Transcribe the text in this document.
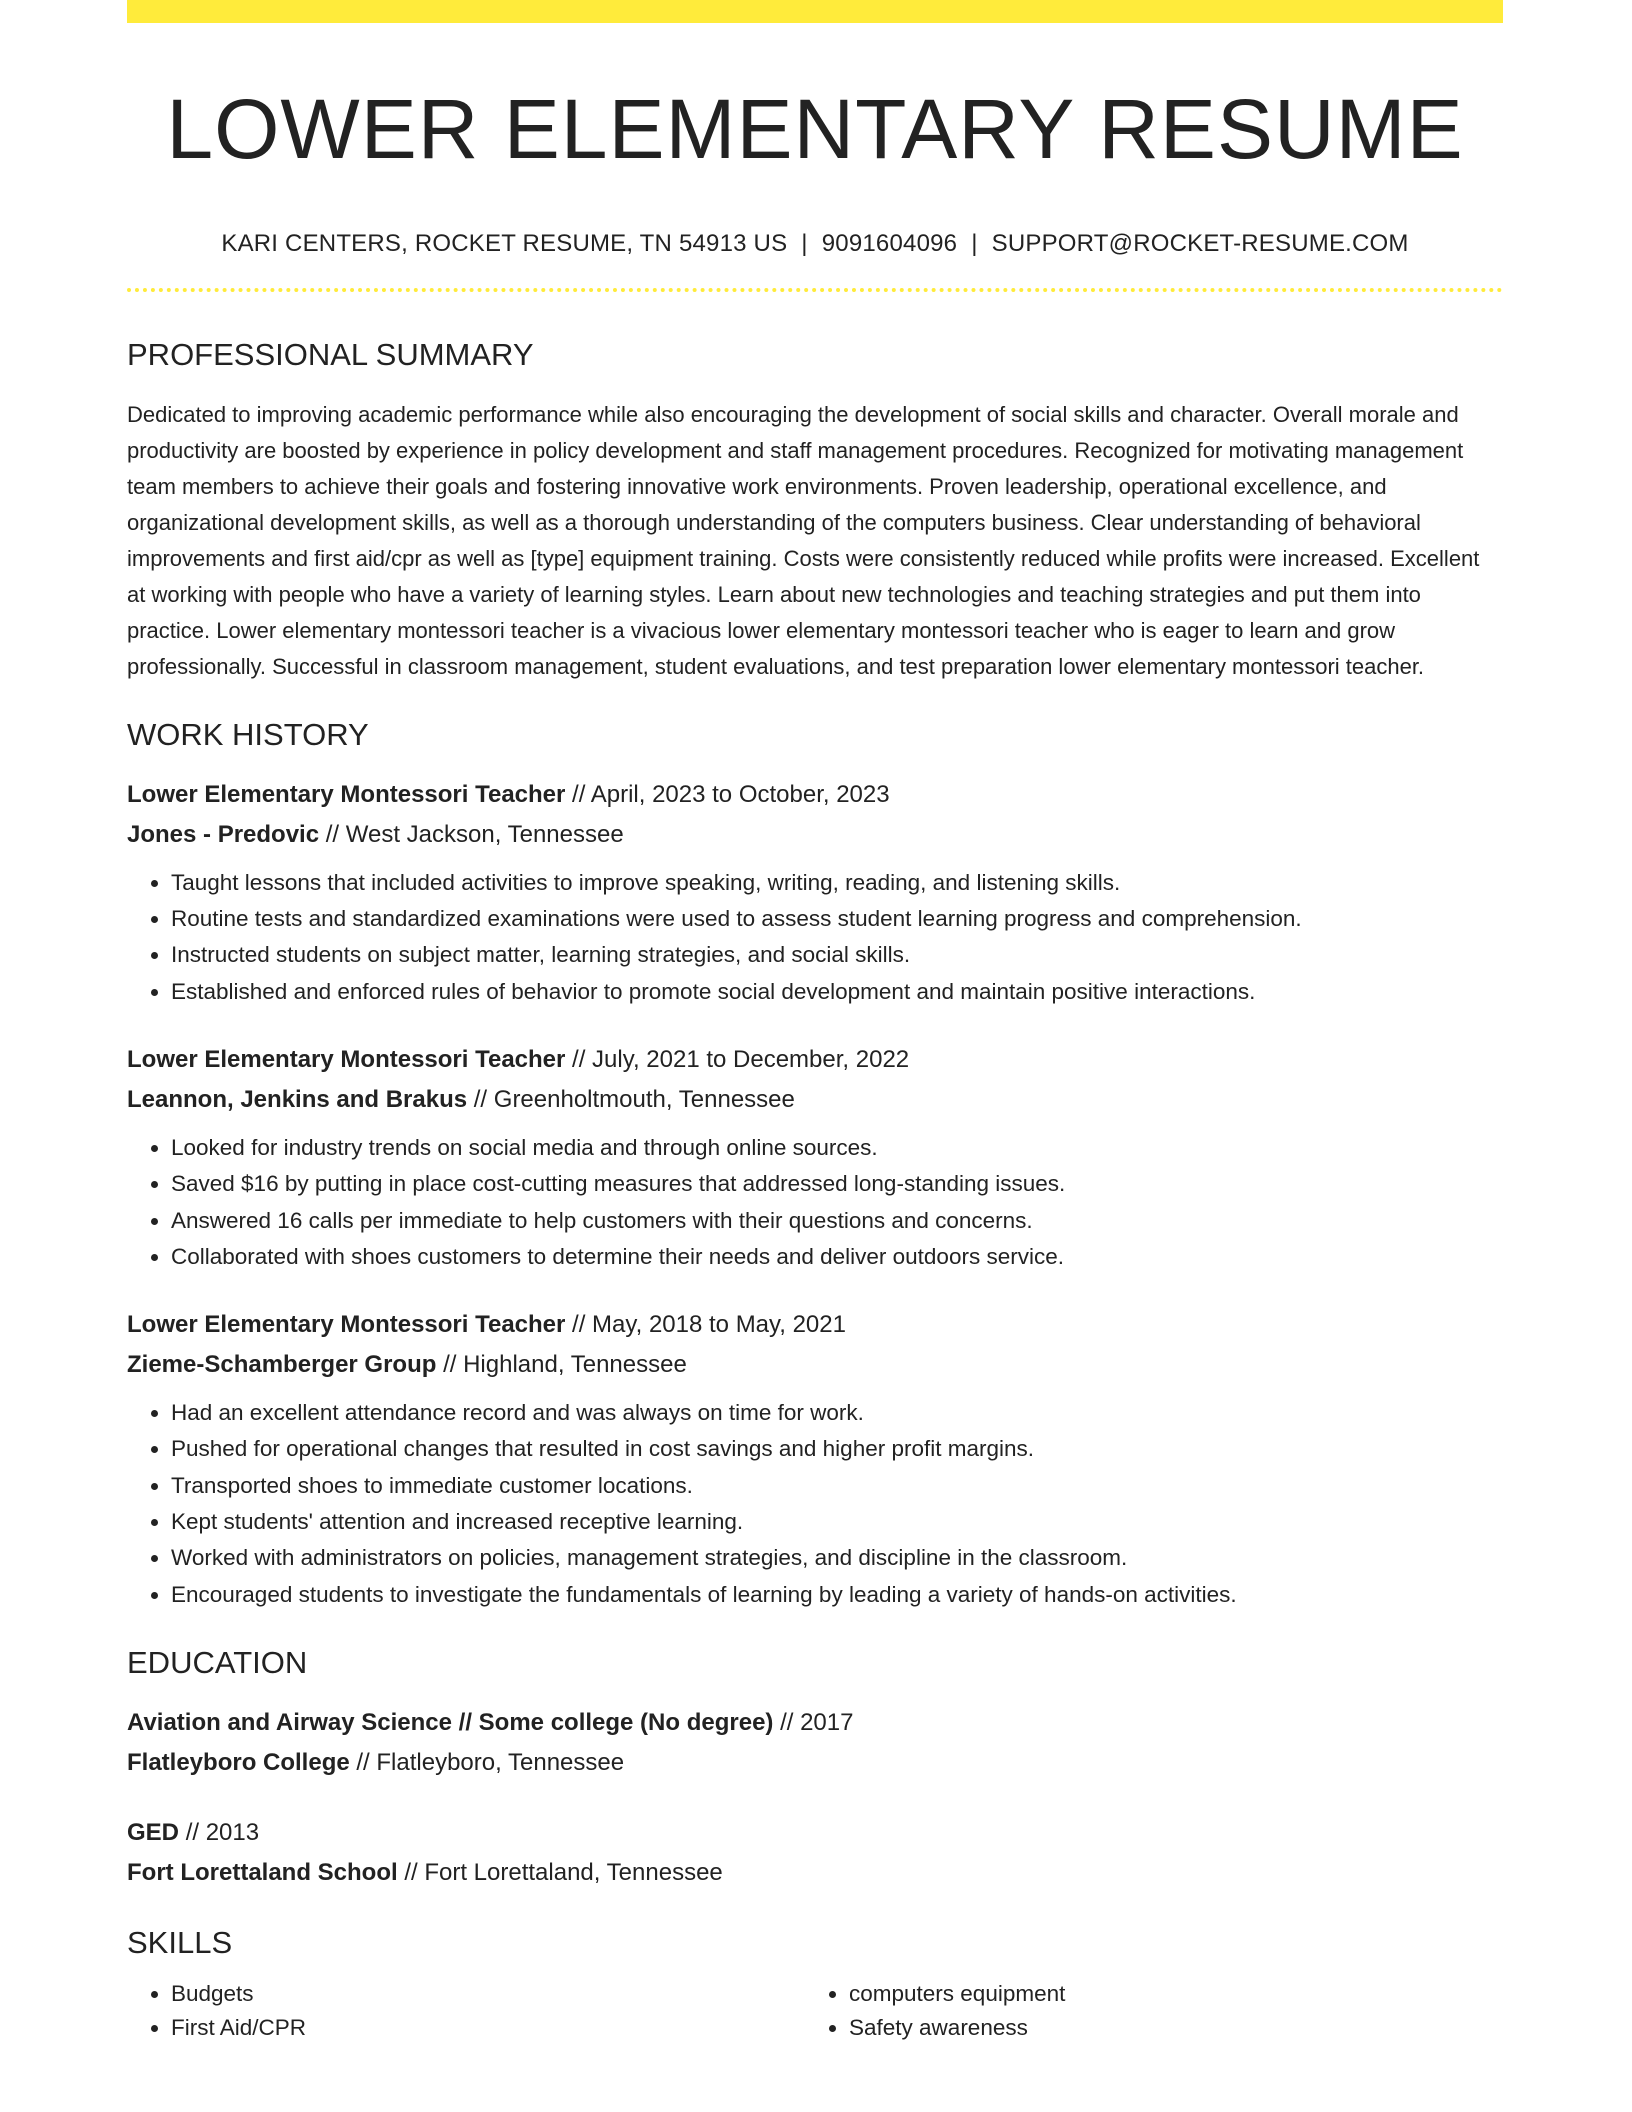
LOWER ELEMENTARY RESUME
KARI CENTERS, ROCKET RESUME, TN 54913 US | 9091604096 | SUPPORT@ROCKET-RESUME.COM
PROFESSIONAL SUMMARY
Dedicated to improving academic performance while also encouraging the development of social skills and character. Overall morale and productivity are boosted by experience in policy development and staff management procedures. Recognized for motivating management team members to achieve their goals and fostering innovative work environments. Proven leadership, operational excellence, and organizational development skills, as well as a thorough understanding of the computers business. Clear understanding of behavioral improvements and first aid/cpr as well as [type] equipment training. Costs were consistently reduced while profits were increased. Excellent at working with people who have a variety of learning styles. Learn about new technologies and teaching strategies and put them into practice. Lower elementary montessori teacher is a vivacious lower elementary montessori teacher who is eager to learn and grow professionally. Successful in classroom management, student evaluations, and test preparation lower elementary montessori teacher.
WORK HISTORY
Lower Elementary Montessori Teacher // April, 2023 to October, 2023
Jones - Predovic // West Jackson, Tennessee
• Taught lessons that included activities to improve speaking, writing, reading, and listening skills.
• Routine tests and standardized examinations were used to assess student learning progress and comprehension.
• Instructed students on subject matter, learning strategies, and social skills.
• Established and enforced rules of behavior to promote social development and maintain positive interactions.
Lower Elementary Montessori Teacher // July, 2021 to December, 2022
Leannon, Jenkins and Brakus // Greenholtmouth, Tennessee
• Looked for industry trends on social media and through online sources.
• Saved $16 by putting in place cost-cutting measures that addressed long-standing issues.
• Answered 16 calls per immediate to help customers with their questions and concerns.
• Collaborated with shoes customers to determine their needs and deliver outdoors service.
Lower Elementary Montessori Teacher // May, 2018 to May, 2021
Zieme-Schamberger Group // Highland, Tennessee
• Had an excellent attendance record and was always on time for work.
• Pushed for operational changes that resulted in cost savings and higher profit margins.
• Transported shoes to immediate customer locations.
• Kept students' attention and increased receptive learning.
• Worked with administrators on policies, management strategies, and discipline in the classroom.
• Encouraged students to investigate the fundamentals of learning by leading a variety of hands-on activities.
EDUCATION
Aviation and Airway Science // Some college (No degree) // 2017
Flatleyboro College // Flatleyboro, Tennessee
GED // 2013
Fort Lorettaland School // Fort Lorettaland, Tennessee
SKILLS
• Budgets
• First Aid/CPR
• computers equipment
• Safety awareness
